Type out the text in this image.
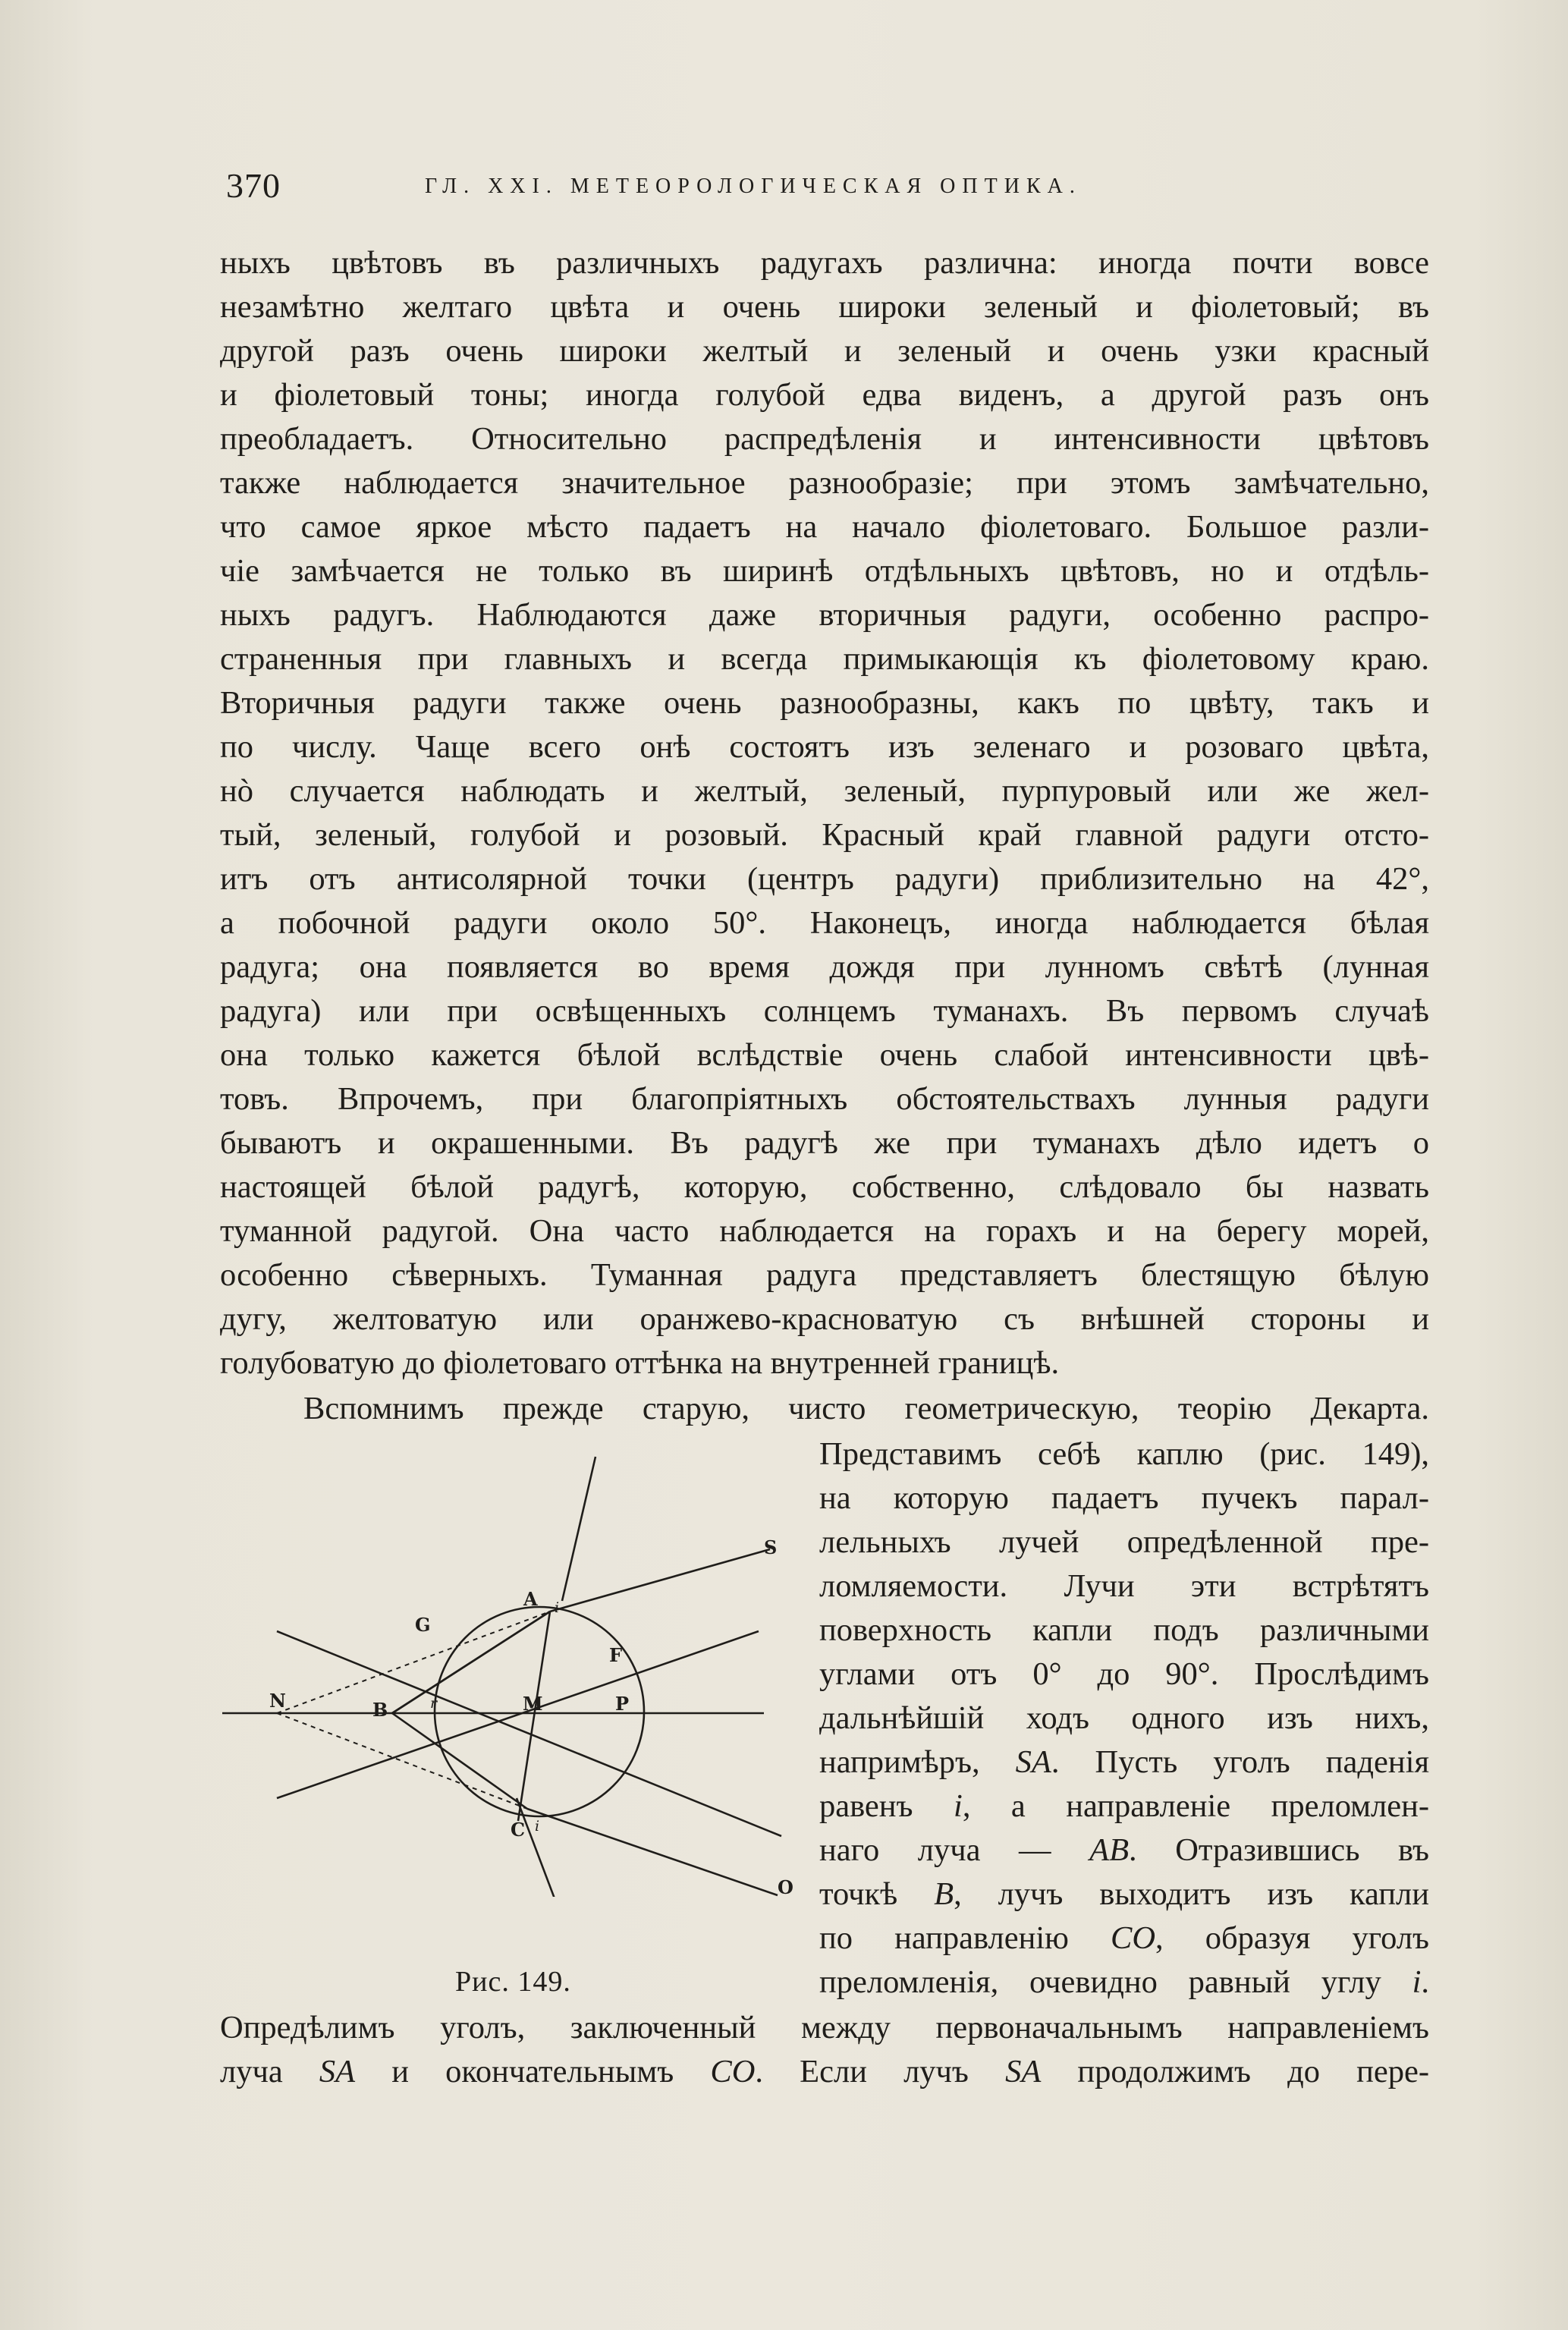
370	ГЛ. XXI. МЕТЕОРОЛОГИЧЕСКАЯ ОПТИКА.
ныхъ цвѣтовъ въ различныхъ радугахъ различна: иногда почти вовсе
незамѣтно желтаго цвѣта и очень широки зеленый и фіолетовый; въ
другой разъ очень широки желтый и зеленый и очень узки красный
и фіолетовый тоны; иногда голубой едва виденъ, а другой разъ онъ
преобладаетъ. Относительно распредѣленія и интенсивности цвѣтовъ
также наблюдается значительное разнообразіе; при этомъ замѣчательно,
что самое яркое мѣсто падаетъ на начало фіолетоваго. Большое разли-
чіе замѣчается не только въ ширинѣ отдѣльныхъ цвѣтовъ, но и отдѣль-
ныхъ радугъ. Наблюдаются даже вторичныя радуги, особенно распро-
страненныя при главныхъ и всегда примыкающія къ фіолетовому краю.
Вторичныя радуги также очень разнообразны, какъ по цвѣту, такъ и
по числу. Чаще всего онѣ состоятъ изъ зеленаго и розоваго цвѣта,
нò случается наблюдать и желтый, зеленый, пурпуровый или же жел-
тый, зеленый, голубой и розовый. Красный край главной радуги отсто-
итъ отъ антисолярной точки (центръ радуги) приблизительно на 42°,
а побочной радуги около 50°. Наконецъ, иногда наблюдается бѣлая
радуга; она появляется во время дождя при лунномъ свѣтѣ (лунная
радуга) или при освѣщенныхъ солнцемъ туманахъ. Въ первомъ случаѣ
она только кажется бѣлой вслѣдствіе очень слабой интенсивности цвѣ-
товъ. Впрочемъ, при благопріятныхъ обстоятельствахъ лунныя радуги
бываютъ и окрашенными. Въ радугѣ же при туманахъ дѣло идетъ о
настоящей бѣлой радугѣ, которую, собственно, слѣдовало бы назвать
туманной радугой. Она часто наблюдается на горахъ и на берегу морей,
особенно сѣверныхъ. Туманная радуга представляетъ блестящую бѣлую
дугу, желтоватую или оранжево-красноватую съ внѣшней стороны и
голубоватую до фіолетоваго оттѣнка на внутренней границѣ.
Вспомнимъ прежде старую, чисто геометрическую, теорію Декарта.
Представимъ себѣ каплю (рис. 149),
на которую падаетъ пучекъ парал-
лельныхъ лучей опредѣленной пре-
ломляемости. Лучи эти встрѣтятъ
поверхность капли подъ различными
углами отъ 0° до 90°. Прослѣдимъ
дальнѣйшій ходъ одного изъ нихъ,
напримѣръ, SA. Пусть уголъ паденія
равенъ i, а направленіе преломлен-
наго луча — AB. Отразившись въ
точкѣ B, лучъ выходитъ изъ капли
по направленію CO, образуя уголъ
преломленія, очевидно равный углу i.
Опредѣлимъ уголъ, заключенный между первоначальнымъ направленіемъ
луча SA и окончательнымъ CO. Если лучъ SA продолжимъ до пере-
S
G
A i
F
N	B	r	M	P
C i
O
Рис. 149.
